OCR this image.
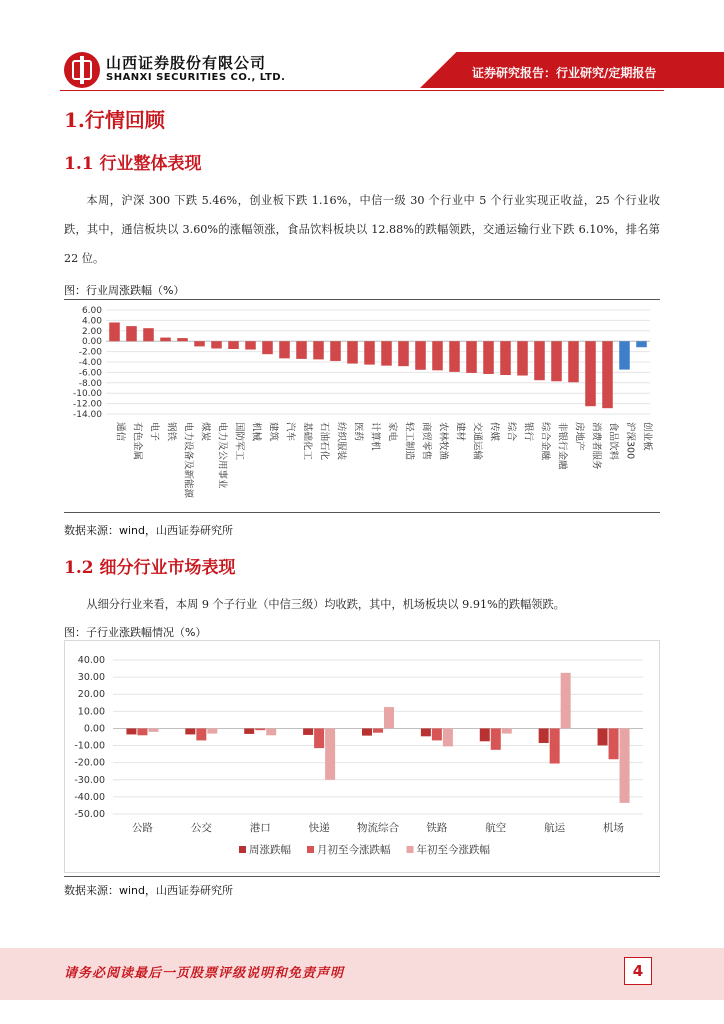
山西证券股份有限公司
SHANXI SECURITIES CO., LTD.	证券研究报告：行业研究/定期报告
1.行情回顾
1.1 行业整体表现

本周，沪深 300 下跌 5.46%，创业板下跌 1.16%，中信一级 30 个行业中 5 个行业实现正收益，25 个行业收跌，其中，通信板块以 3.60%的涨幅领涨，食品饮料板块以 12.88%的跌幅领跌，交通运输行业下跌 6.10%，排名第 22 位。

图：行业周涨跌幅（%）
6.00
4.00
2.00
0.00
-2.00
-4.00
-6.00
-8.00
-10.00
-12.00
-14.00
通信 有色金属 电子 钢铁 电力设备及新能源 煤炭 电力及公用事业 国防军工 机械 建筑 汽车 基础化工 石油石化 纺织服装 医药 计算机 家电 轻工制造 商贸零售 农林牧渔 建材 交通运输 传媒 综合 银行 综合金融 非银行金融 房地产 消费者服务 食品饮料 沪深300 创业板
数据来源：wind，山西证券研究所
1.2 细分行业市场表现

从细分行业来看，本周 9 个子行业（中信三级）均收跌，其中，机场板块以 9.91%的跌幅领跌。

图：子行业涨跌幅情况（%）
40.00
30.00
20.00
10.00
0.00
-10.00
-20.00
-30.00
-40.00
-50.00
公路	公交	港口	快递	物流综合	铁路	航空	航运	机场
周涨跌幅 月初至今涨跌幅 年初至今涨跌幅
数据来源：wind，山西证券研究所
请务必阅读最后一页股票评级说明和免责声明	4
